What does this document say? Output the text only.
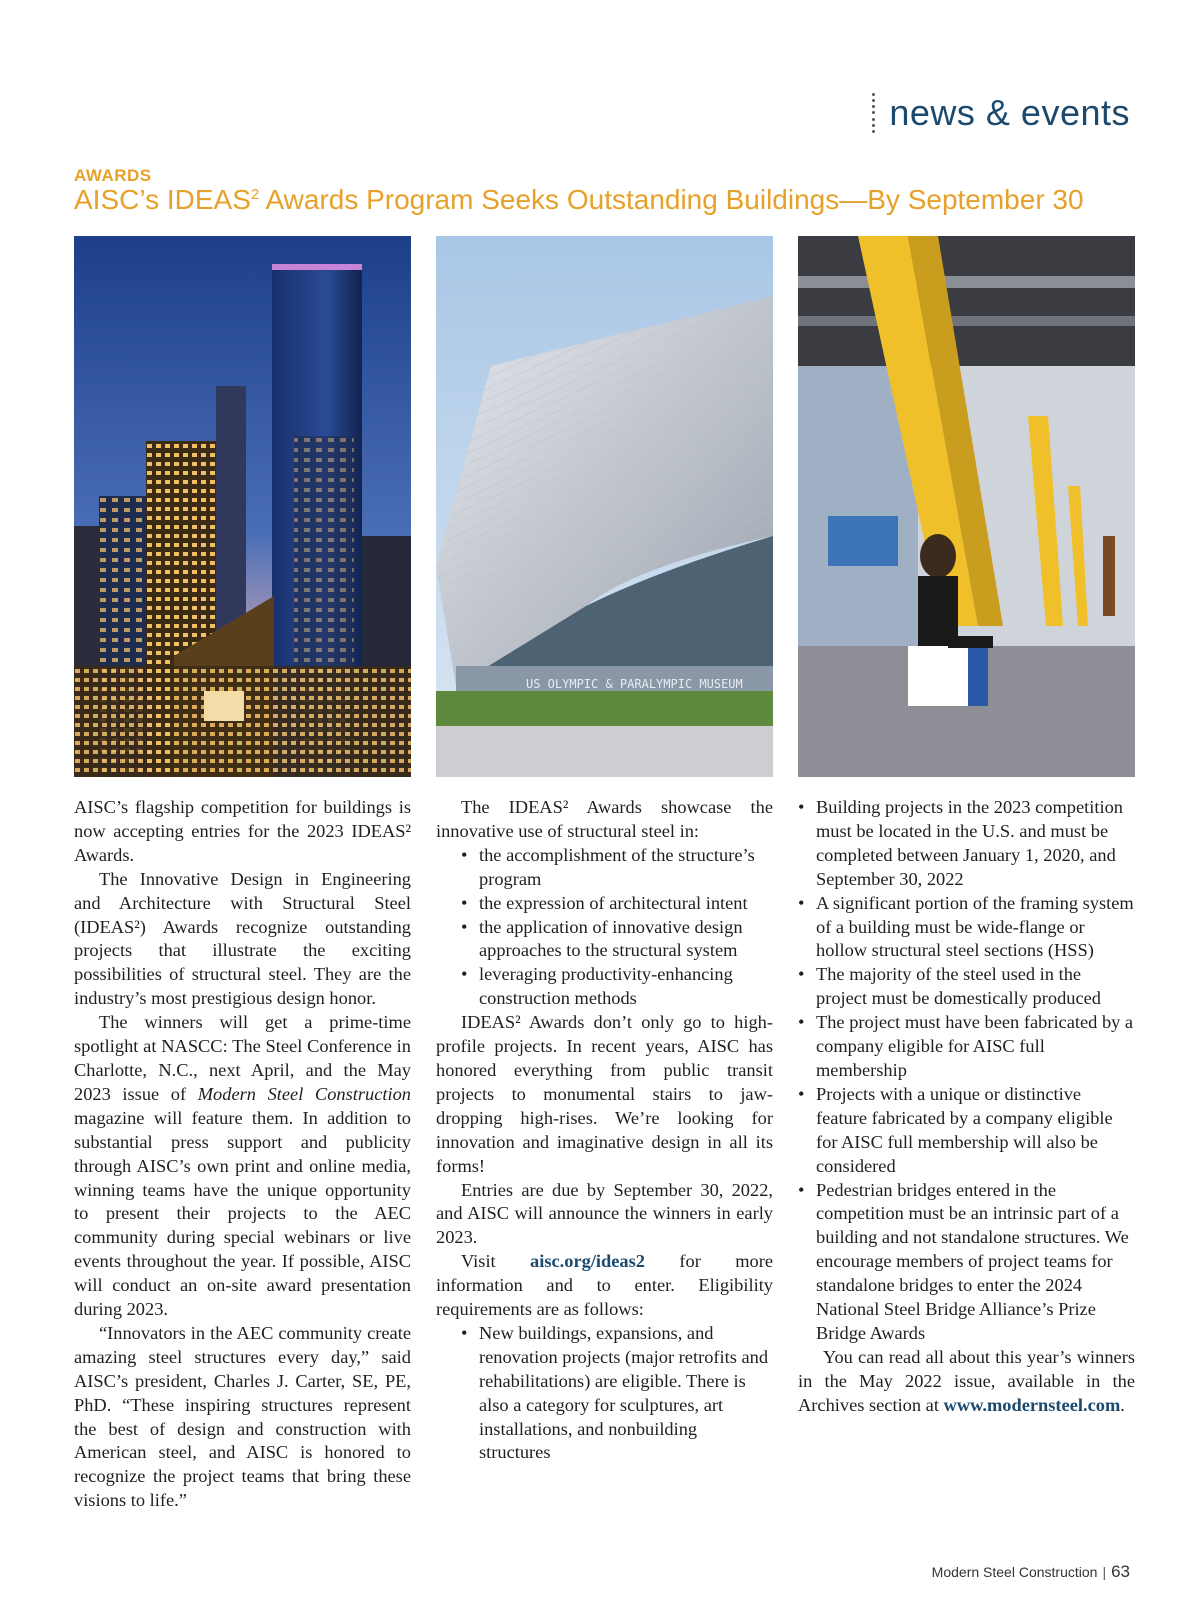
news & events
AWARDS
AISC’s IDEAS$^2$ Awards Program Seeks Outstanding Buildings—By September 30
US OLYMPIC & PARALYMPIC MUSEUM

AISC’s flagship competition for buildings is now accepting entries for the 2023 IDEAS² Awards.

The Innovative Design in Engineering and Architecture with Structural Steel (IDEAS²) Awards recognize outstanding projects that illustrate the exciting possibilities of structural steel. They are the industry’s most prestigious design honor.

The winners will get a prime-time spotlight at NASCC: The Steel Conference in Charlotte, N.C., next April, and the May 2023 issue of Modern Steel Construction magazine will feature them. In addition to substantial press support and publicity through AISC’s own print and online media, winning teams have the unique opportunity to present their projects to the AEC community during special webinars or live events throughout the year. If possible, AISC will conduct an on-site award presentation during 2023.

“Innovators in the AEC community create amazing steel structures every day,” said AISC’s president, Charles J. Carter, SE, PE, PhD. “These inspiring structures represent the best of design and construction with American steel, and AISC is honored to recognize the project teams that bring these visions to life.”

The IDEAS² Awards showcase the innovative use of structural steel in:

• the accomplishment of the structure’s program
• the expression of architectural intent
• the application of innovative design approaches to the structural system
• leveraging productivity-enhancing construction methods

IDEAS² Awards don’t only go to high-profile projects. In recent years, AISC has honored everything from public transit projects to monumental stairs to jaw-dropping high-rises. We’re looking for innovation and imaginative design in all its forms!

Entries are due by September 30, 2022, and AISC will announce the winners in early 2023.

Visit aisc.org/ideas2 for more information and to enter. Eligibility requirements are as follows:

• New buildings, expansions, and renovation projects (major retrofits and rehabilitations) are eligible. There is also a category for sculptures, art installations, and nonbuilding structures
• Building projects in the 2023 competition must be located in the U.S. and must be completed between January 1, 2020, and September 30, 2022
• A significant portion of the framing system of a building must be wide-flange or hollow structural steel sections (HSS)
• The majority of the steel used in the project must be domestically produced
• The project must have been fabricated by a company eligible for AISC full membership
• Projects with a unique or distinctive feature fabricated by a company eligible for AISC full membership will also be considered
• Pedestrian bridges entered in the competition must be an intrinsic part of a building and not standalone structures. We encourage members of project teams for standalone bridges to enter the 2024 National Steel Bridge Alliance’s Prize Bridge Awards

You can read all about this year’s winners in the May 2022 issue, available in the Archives section at www.modernsteel.com.

Modern Steel Construction | 63
